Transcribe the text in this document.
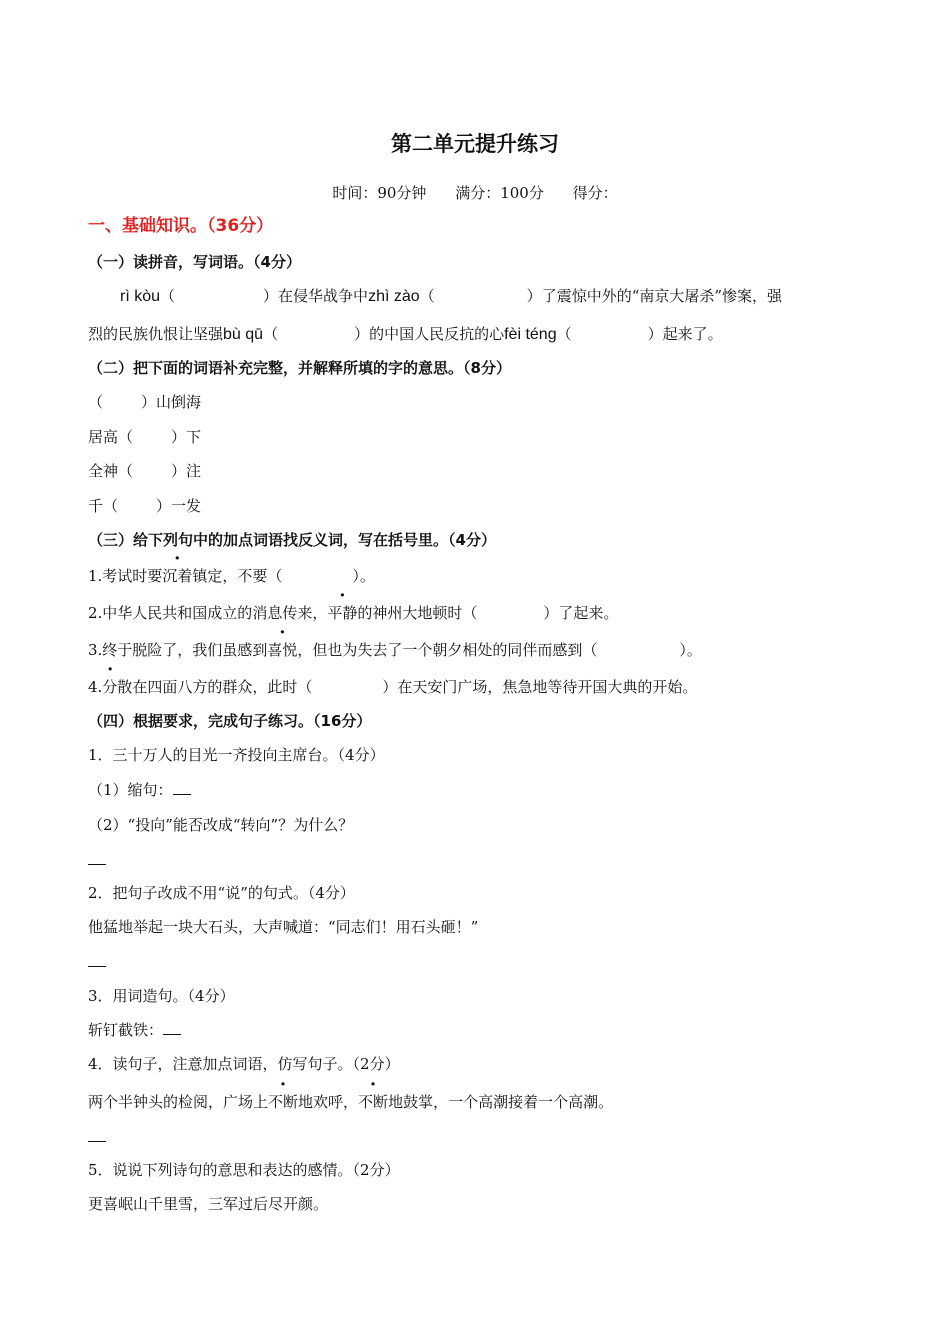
第二单元提升练习
时间：90分钟 满分：100分 得分：
一、基础知识。（36分）
（一）读拼音，写词语。（4分）
rì kòu（	）在侵华战争中zhì zào（	）了震惊中外的“南京大屠杀”惨案，强
烈的民族仇恨让坚强bù qū（	）的中国人民反抗的心fèi téng（	）起来了。
（二）把下面的词语补充完整，并解释所填的字的意思。（8分）
（	）山倒海
居高（	）下
全神（	）注
千（	）一发
（三）给下列句中的加点词语找反义词，写在括号里。（4分）
1.考试时要沉着镇定，不要（	）。
2.中华人民共和国成立的消息传来，平静的神州大地顿时（	）了起来。
3.终于脱险了，我们虽感到喜悦，但也为失去了一个朝夕相处的同伴而感到（	）。
· 4.分散在四面八方的群众，此时（	）在天安门广场，焦急地等待开国大典的开始。
（四）根据要求，完成句子练习。（16分）
1．三十万人的目光一齐投向主席台。（4分）
（1）缩句：
（2）“投向”能否改成“转向”？为什么？
2．把句子改成不用“说”的句式。（4分）
他猛地举起一块大石头，大声喊道：“同志们！用石头砸！”
3．用词造句。（4分）
斩钉截铁：
4．读句子，注意加点词语，仿写句子。（2分）
两个半钟头的检阅，广场上不断地欢呼，不断地鼓掌，一个高潮接着一个高潮。
5．说说下列诗句的意思和表达的感情。（2分）
更喜岷山千里雪，三军过后尽开颜。
